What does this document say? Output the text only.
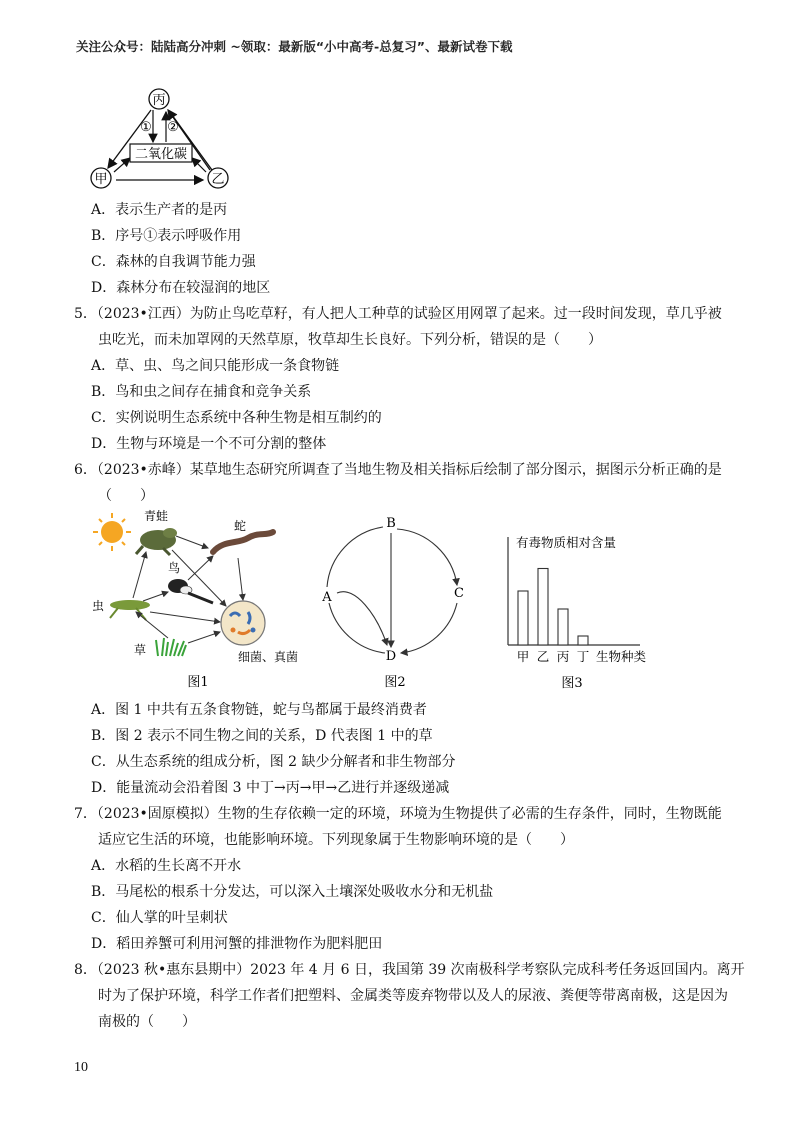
关注公众号：陆陆高分冲刺 ~领取：最新版“小中高考-总复习”、最新试卷下载
丙
甲	乙
二氧化碳
① ②
A．表示生产者的是丙
B．序号①表示呼吸作用
C．森林的自我调节能力强
D．森林分布在较湿润的地区
5．（2023•江西）为防止鸟吃草籽，有人把人工种草的试验区用网罩了起来。过一段时间发现，草几乎被
虫吃光，而未加罩网的天然草原，牧草却生长良好。下列分析，错误的是（　　）
A．草、虫、鸟之间只能形成一条食物链
B．鸟和虫之间存在捕食和竞争关系
C．实例说明生态系统中各种生物是相互制约的
D．生物与环境是一个不可分割的整体
6．（2023•赤峰）某草地生态研究所调查了当地生物及相关指标后绘制了部分图示，据图示分析正确的是
（　　）
青蛙
蛇
鸟
虫
草	细菌、真菌
图1
B
C
A
D
图2
有毒物质相对含量
生物种类
甲 乙 丙 丁
图3
A．图 1 中共有五条食物链，蛇与鸟都属于最终消费者
B．图 2 表示不同生物之间的关系，D 代表图 1 中的草
C．从生态系统的组成分析，图 2 缺少分解者和非生物部分
D．能量流动会沿着图 3 中丁→丙→甲→乙进行并逐级递减
7．（2023•固原模拟）生物的生存依赖一定的环境，环境为生物提供了必需的生存条件，同时，生物既能
适应它生活的环境，也能影响环境。下列现象属于生物影响环境的是（　　）
A．水稻的生长离不开水
B．马尾松的根系十分发达，可以深入土壤深处吸收水分和无机盐
C．仙人掌的叶呈刺状
D．稻田养蟹可利用河蟹的排泄物作为肥料肥田
8．（2023 秋•惠东县期中）2023 年 4 月 6 日，我国第 39 次南极科学考察队完成科考任务返回国内。离开
时为了保护环境，科学工作者们把塑料、金属类等废弃物带以及人的尿液、粪便等带离南极，这是因为
南极的（　　）
10
